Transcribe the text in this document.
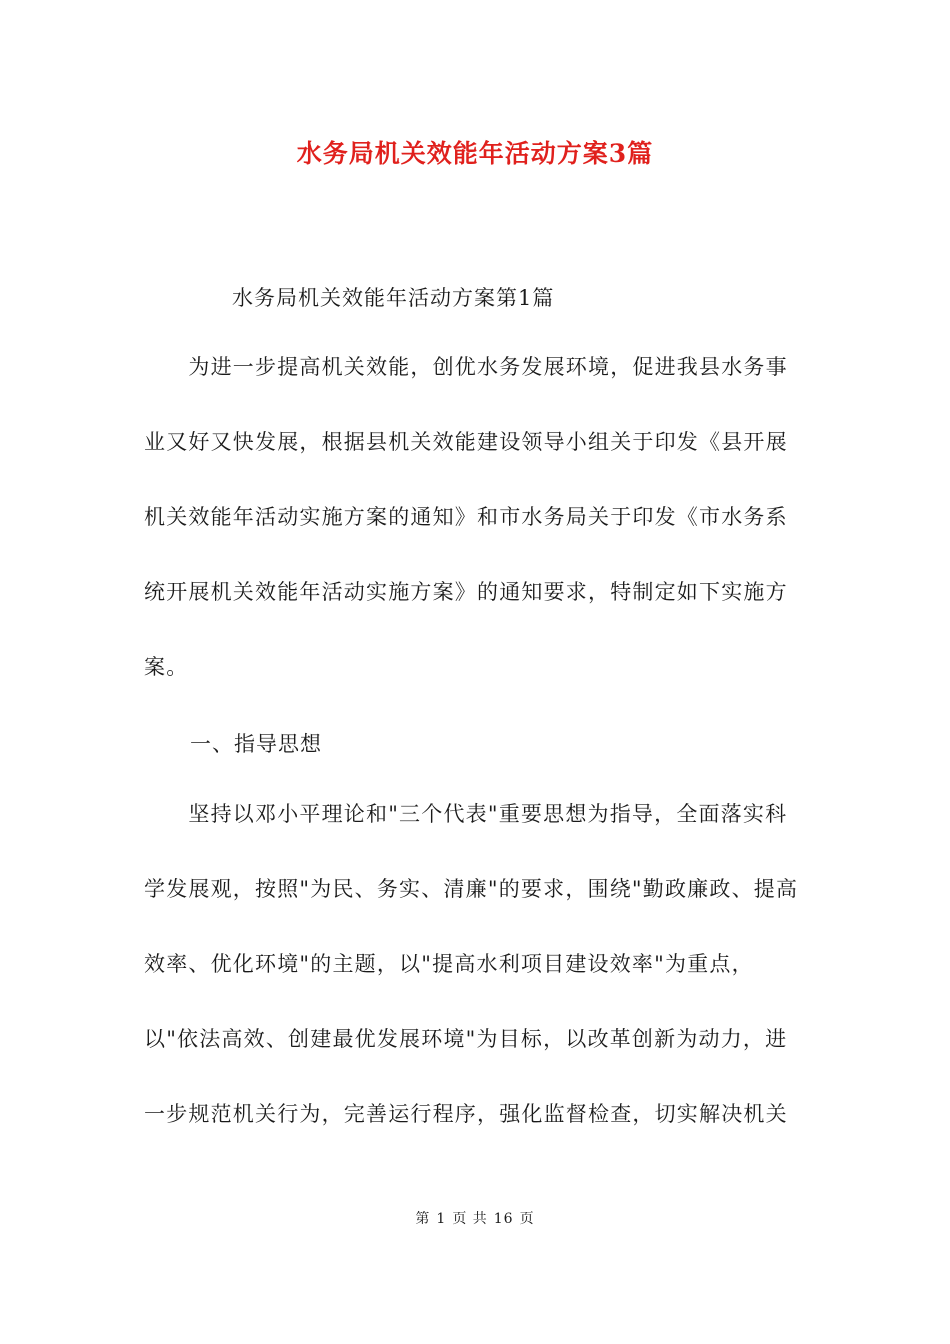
水务局机关效能年活动方案3篇
水务局机关效能年活动方案第1篇
　　为进一步提高机关效能，创优水务发展环境，促进我县水务事
业又好又快发展，根据县机关效能建设领导小组关于印发《县开展
机关效能年活动实施方案的通知》和市水务局关于印发《市水务系
统开展机关效能年活动实施方案》的通知要求，特制定如下实施方
案。
一、指导思想
　　坚持以邓小平理论和"三个代表"重要思想为指导，全面落实科
学发展观，按照"为民、务实、清廉"的要求，围绕"勤政廉政、提高
效率、优化环境"的主题，以"提高水利项目建设效率"为重点，
以"依法高效、创建最优发展环境"为目标，以改革创新为动力，进
一步规范机关行为，完善运行程序，强化监督检查，切实解决机关
第 1 页 共 16 页
